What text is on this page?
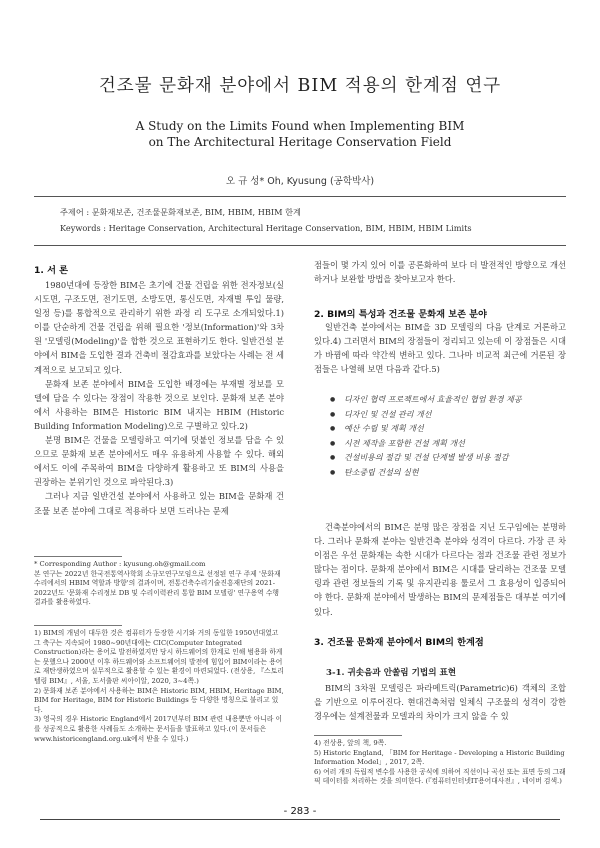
건조물 문화재 분야에서 BIM 적용의 한계점 연구
A Study on the Limits Found when Implementing BIM
on The Architectural Heritage Conservation Field
오 규 성* Oh, Kyusung (공학박사)
주제어 : 문화재보존, 건조물문화재보존, BIM, HBIM, HBIM 한계
Keywords : Heritage Conservation, Architectural Heritage Conservation, BIM, HBIM, HBIM Limits
1. 서 론

1980년대에 등장한 BIM은 초기에 건물 건립을 위한 전자정보(실시도면, 구조도면, 전기도면, 소방도면, 통신도면, 자재별 투입 물량, 일정 등)를 통합적으로 관리하기 위한 과정 리 도구로 소개되었다.1) 이를 단순하게 건물 건립을 위해 필요한 '정보(Information)'와 3차원 '모델링(Modeling)'을 합한 것으로 표현하기도 한다. 일반건설 분야에서 BIM을 도입한 결과 건축비 절감효과를 보았다는 사례는 전 세계적으로 보고되고 있다.

문화재 보존 분야에서 BIM을 도입한 배경에는 부재별 정보를 모델에 담을 수 있다는 장점이 작용한 것으로 보인다. 문화재 보존 분야에서 사용하는 BIM은 Historic BIM 내지는 HBIM (Historic Building Information Modeling)으로 구별하고 있다.2)

분명 BIM은 건물을 모델링하고 여기에 덧붙인 정보를 담을 수 있으므로 문화재 보존 분야에서도 매우 유용하게 사용할 수 있다. 해외에서도 이에 주목하여 BIM을 다양하게 활용하고 또 BIM의 사용을 권장하는 분위기인 것으로 파악된다.3)

그러나 지금 일반건설 분야에서 사용하고 있는 BIM을 문화재 건조물 보존 분야에 그대로 적용하다 보면 드러나는 문제

* Corresponding Author : kyusung.oh@gmail.com
본 연구는 2022년 한국전통역사학회 소규모연구모임으로 선정된 연구 주제 '문화재수리에서의 HBIM 역할과 방향'의 결과이며, 전통건축수리기술진흥재단의 2021-2022년도 '문화재 수리정보 DB 및 수리이력관리 통합 BIM 모델링' 연구용역 수행 결과를 활용하였다.
1) BIM의 개념이 대두한 것은 컴퓨터가 등장한 시기와 거의 동일한 1950년대였고 그 축구는 지속되어 1980~90년대에는 CIC(Computer Integrated Construction)라는 용어로 발전하였지만 당시 하드웨어의 한계로 인해 범용화 하게는 못했으나 2000년 이후 하드웨어와 소프트웨어의 발전에 힘입어 BIM이라는 용어로 재탄생하였으며 실무적으로 활용할 수 있는 환경이 마련되었다. (전상용, 『스토리텔링 BIM』, 서울, 도서출판 씨아이알, 2020, 3~4쪽.)
2) 문화재 보존 분야에서 사용하는 BIM은 Historic BIM, HBIM, Heritage BIM, BIM for Heritage, BIM for Historic Buildings 등 다양한 명칭으로 불리고 있다.
3) 영국의 경우 Historic England에서 2017년부터 BIM 관련 내용뿐만 아니라 이를 성공적으로 활용한 사례들도 소개하는 문서들을 발표하고 있다.(이 문서들은 www.historicengland.org.uk에서 받을 수 있다.)

점들이 몇 가지 있어 이를 공론화하여 보다 더 발전적인 방향으로 개선하거나 보완할 방법을 찾아보고자 한다.

2. BIM의 특성과 건조물 문화재 보존 분야

일반건축 분야에서는 BIM을 3D 모델링의 다음 단계로 거론하고 있다.4) 그러면서 BIM의 장점들이 정리되고 있는데 이 장점들은 시대가 바뀜에 따라 약간씩 변하고 있다. 그나마 비교적 최근에 거론된 장점들은 나열해 보면 다음과 같다.5)

● 디자인 협력 프로젝트에서 효율적인 협업 환경 제공
● 디자인 및 건설 관리 개선
● 예산 수립 및 계획 개선
● 시전 제작을 포함한 건설 계획 개선
● 건설비용의 절감 및 건설 단계별 발생 비용 절감
● 탄소중립 건설의 실현

건축분야에서의 BIM은 분명 많은 장점을 지닌 도구임에는 분명하다. 그러나 문화재 분야는 일반건축 분야와 성격이 다르다. 가장 큰 차이점은 우선 문화재는 속한 시대가 다르다는 점과 건조물 관련 정보가 많다는 점이다. 문화재 분야에서 BIM은 시대를 달리하는 건조물 모델링과 관련 정보들의 기록 및 유지관리용 툴로서 그 효용성이 입증되어야 한다. 문화재 분야에서 발생하는 BIM의 문제점들은 대부분 여기에 있다.

3. 건조물 문화재 분야에서 BIM의 한계점
3-1. 귀솟음과 안쏠림 기법의 표현

BIM의 3차원 모델링은 파라메트릭(Parametric)6) 객체의 조합을 기반으로 이루어진다. 현대건축처럼 일체식 구조물의 성격이 강한 경우에는 설계전물과 모델과의 차이가 크지 않을 수 있

4) 전상용, 앞의 책, 9쪽.
5) Historic England, 「BIM for Heritage - Developing a Historic Building Information Model」, 2017, 2쪽.
6) 여러 개의 독립적 변수를 사용한 공식에 의하여 직선이나 곡선 또는 표면 등의 그래픽 데이터를 처리하는 것을 의미한다. (『컴퓨터인터넷IT용어대사전』, 네이버 검색.)
- 283 -
